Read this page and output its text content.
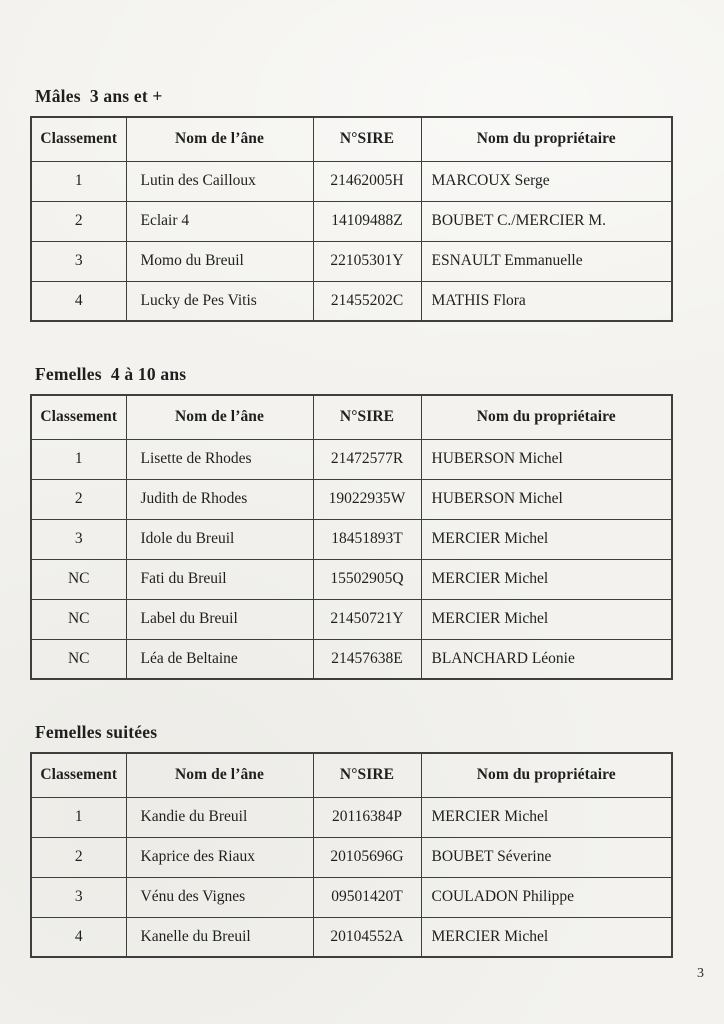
Mâles  3 ans et +
Classement	Nom de l’âne	N°SIRE	Nom du propriétaire
1	Lutin des Cailloux	21462005H	MARCOUX Serge
2	Eclair 4	14109488Z	BOUBET C./MERCIER M.
3	Momo du Breuil	22105301Y	ESNAULT Emmanuelle
4	Lucky de Pes Vitis	21455202C	MATHIS Flora
Femelles  4 à 10 ans
Classement	Nom de l’âne	N°SIRE	Nom du propriétaire
1	Lisette de Rhodes	21472577R	HUBERSON Michel
2	Judith de Rhodes	19022935W	HUBERSON Michel
3	Idole du Breuil	18451893T	MERCIER Michel
NC	Fati du Breuil	15502905Q	MERCIER Michel
NC	Label du Breuil	21450721Y	MERCIER Michel
NC	Léa de Beltaine	21457638E	BLANCHARD Léonie
Femelles suitées
Classement	Nom de l’âne	N°SIRE	Nom du propriétaire
1	Kandie du Breuil	20116384P	MERCIER Michel
2	Kaprice des Riaux	20105696G	BOUBET Séverine
3	Vénu des Vignes	09501420T	COULADON Philippe
4	Kanelle du Breuil	20104552A	MERCIER Michel
3
